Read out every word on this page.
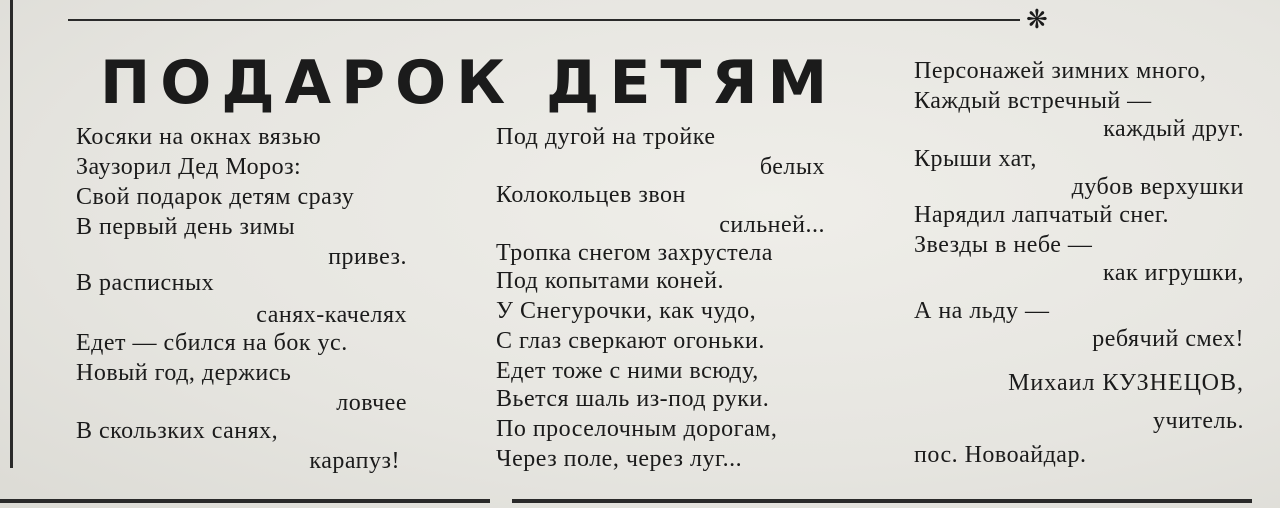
❋
ПОДАРОК ДЕТЯМ

Косяки на окнах вязью

Заузорил Дед Мороз:

Свой подарок детям сразу

В первый день зимы

привез.

В расписных

санях-качелях

Едет — сбился на бок ус.

Новый год, держись

ловчее

В скользких санях,

карапуз!

Под дугой на тройке

белых

Колокольцев звон

сильней...

Тропка снегом захрустела

Под копытами коней.

У Снегурочки, как чудо,

С глаз сверкают огоньки.

Едет тоже с ними всюду,

Вьется шаль из-под руки.

По проселочным дорогам,

Через поле, через луг...

Персонажей зимних много,

Каждый встречный —

каждый друг.

Крыши хат,

дубов верхушки

Нарядил лапчатый снег.

Звезды в небе —

как игрушки,

А на льду —

ребячий смех!

Михаил КУЗНЕЦОВ,

учитель.

пос. Новоайдар.
